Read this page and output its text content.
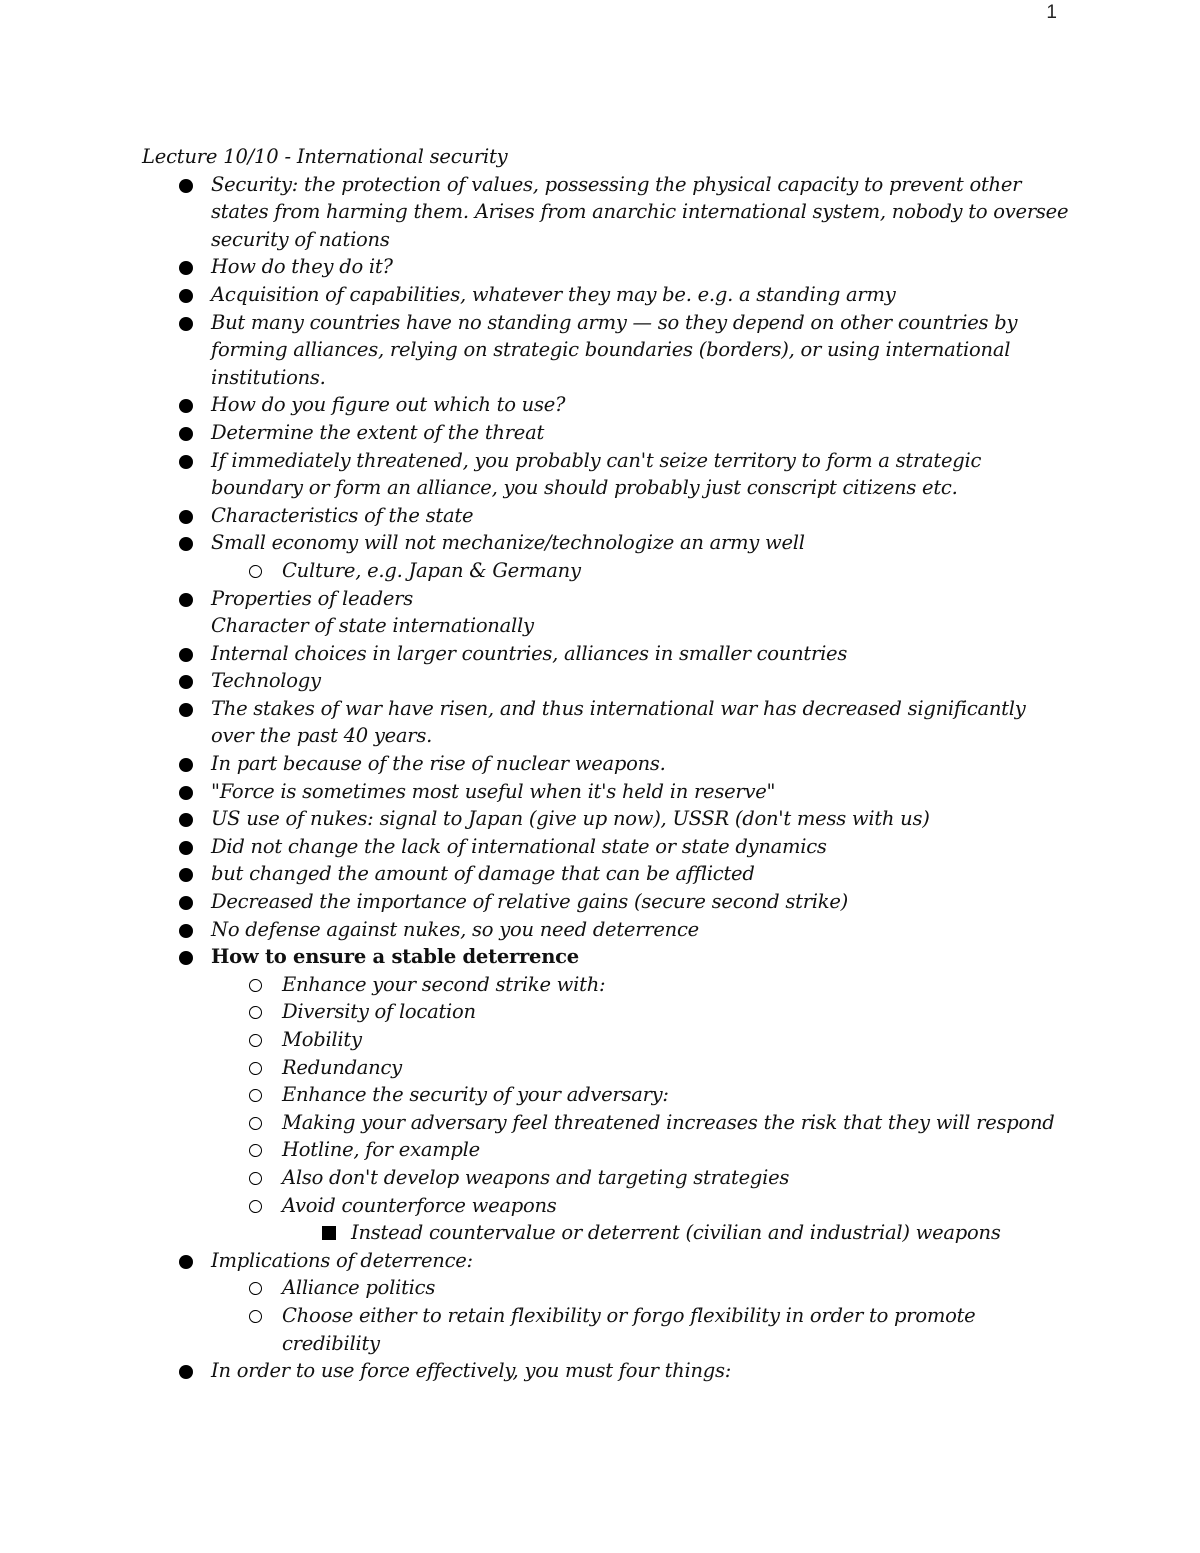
1

Lecture 10/10 - International security

Security: the protection of values, possessing the physical capacity to prevent other states from harming them. Arises from anarchic international system, nobody to oversee security of nations
How do they do it?
Acquisition of capabilities, whatever they may be. e.g. a standing army
But many countries have no standing army — so they depend on other countries by forming alliances, relying on strategic boundaries (borders), or using international institutions.
How do you figure out which to use?
Determine the extent of the threat
If immediately threatened, you probably can't seize territory to form a strategic boundary or form an alliance, you should probably just conscript citizens etc.
Characteristics of the state
Small economy will not mechanize/technologize an army well
Culture, e.g. Japan & Germany
Properties of leaders
Character of state internationally
Internal choices in larger countries, alliances in smaller countries
Technology
The stakes of war have risen, and thus international war has decreased significantly over the past 40 years.
In part because of the rise of nuclear weapons.
"Force is sometimes most useful when it's held in reserve"
US use of nukes: signal to Japan (give up now), USSR (don't mess with us)
Did not change the lack of international state or state dynamics
but changed the amount of damage that can be afflicted
Decreased the importance of relative gains (secure second strike)
No defense against nukes, so you need deterrence
How to ensure a stable deterrence
Enhance your second strike with:
Diversity of location
Mobility
Redundancy
Enhance the security of your adversary:
Making your adversary feel threatened increases the risk that they will respond
Hotline, for example
Also don't develop weapons and targeting strategies
Avoid counterforce weapons
Instead countervalue or deterrent (civilian and industrial) weapons
Implications of deterrence:
Alliance politics
Choose either to retain flexibility or forgo flexibility in order to promote credibility
In order to use force effectively, you must four things:
